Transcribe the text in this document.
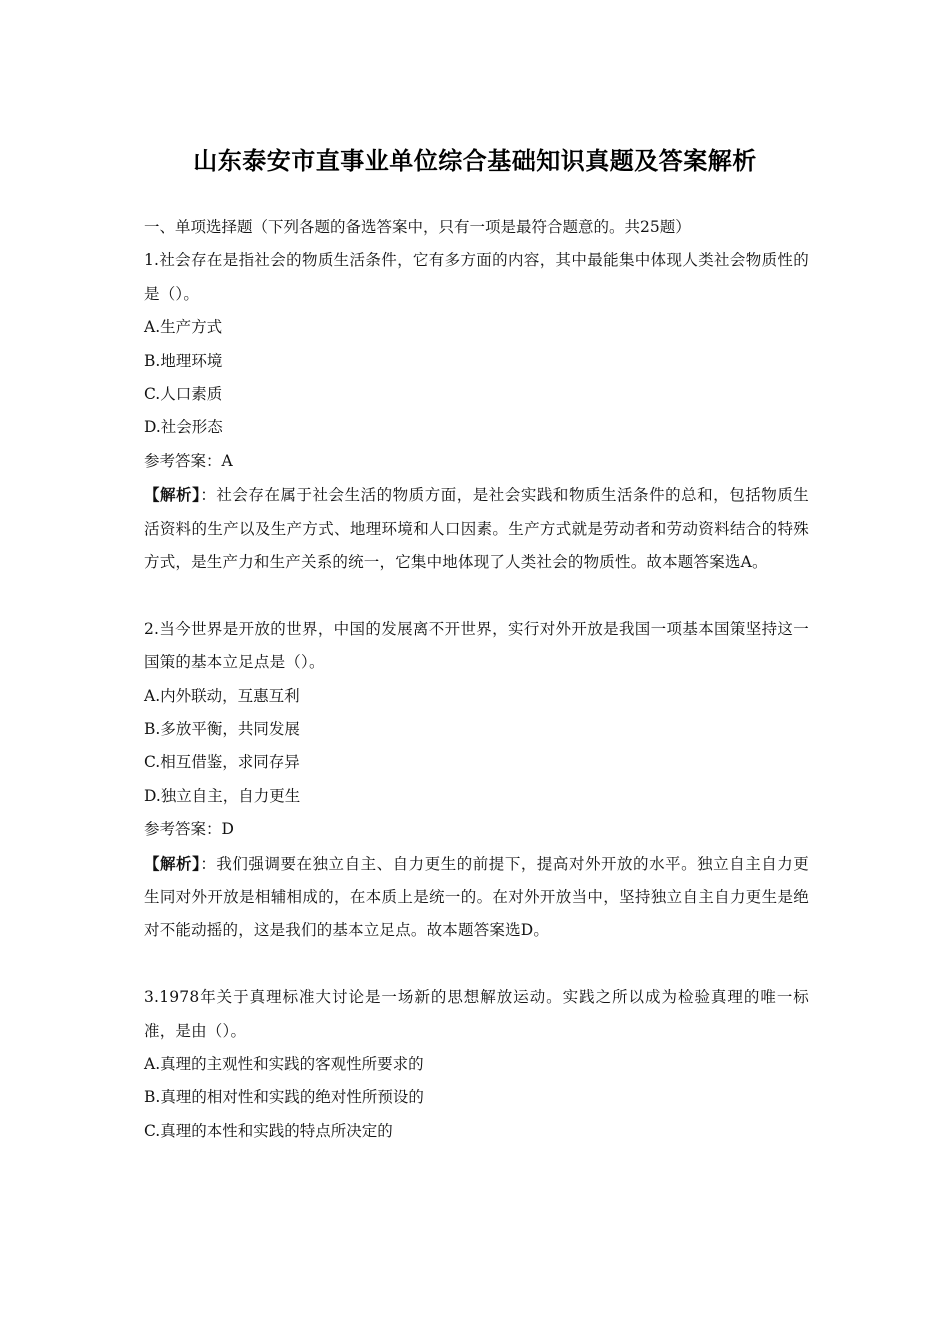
山东泰安市直事业单位综合基础知识真题及答案解析
一、单项选择题（下列各题的备选答案中，只有一项是最符合题意的。共25题）
1.社会存在是指社会的物质生活条件，它有多方面的内容，其中最能集中体现人类社会物质性的是（）。
A.生产方式
B.地理环境
C.人口素质
D.社会形态
参考答案：A
【解析】：社会存在属于社会生活的物质方面，是社会实践和物质生活条件的总和，包括物质生活资料的生产以及生产方式、地理环境和人口因素。生产方式就是劳动者和劳动资料结合的特殊方式，是生产力和生产关系的统一，它集中地体现了人类社会的物质性。故本题答案选A。
2.当今世界是开放的世界，中国的发展离不开世界，实行对外开放是我国一项基本国策坚持这一国策的基本立足点是（）。
A.内外联动，互惠互利
B.多放平衡，共同发展
C.相互借鉴，求同存异
D.独立自主，自力更生
参考答案：D
【解析】：我们强调要在独立自主、自力更生的前提下，提高对外开放的水平。独立自主自力更生同对外开放是相辅相成的，在本质上是统一的。在对外开放当中，坚持独立自主自力更生是绝对不能动摇的，这是我们的基本立足点。故本题答案选D。
3.1978年关于真理标准大讨论是一场新的思想解放运动。实践之所以成为检验真理的唯一标准，是由（）。
A.真理的主观性和实践的客观性所要求的
B.真理的相对性和实践的绝对性所预设的
C.真理的本性和实践的特点所决定的
